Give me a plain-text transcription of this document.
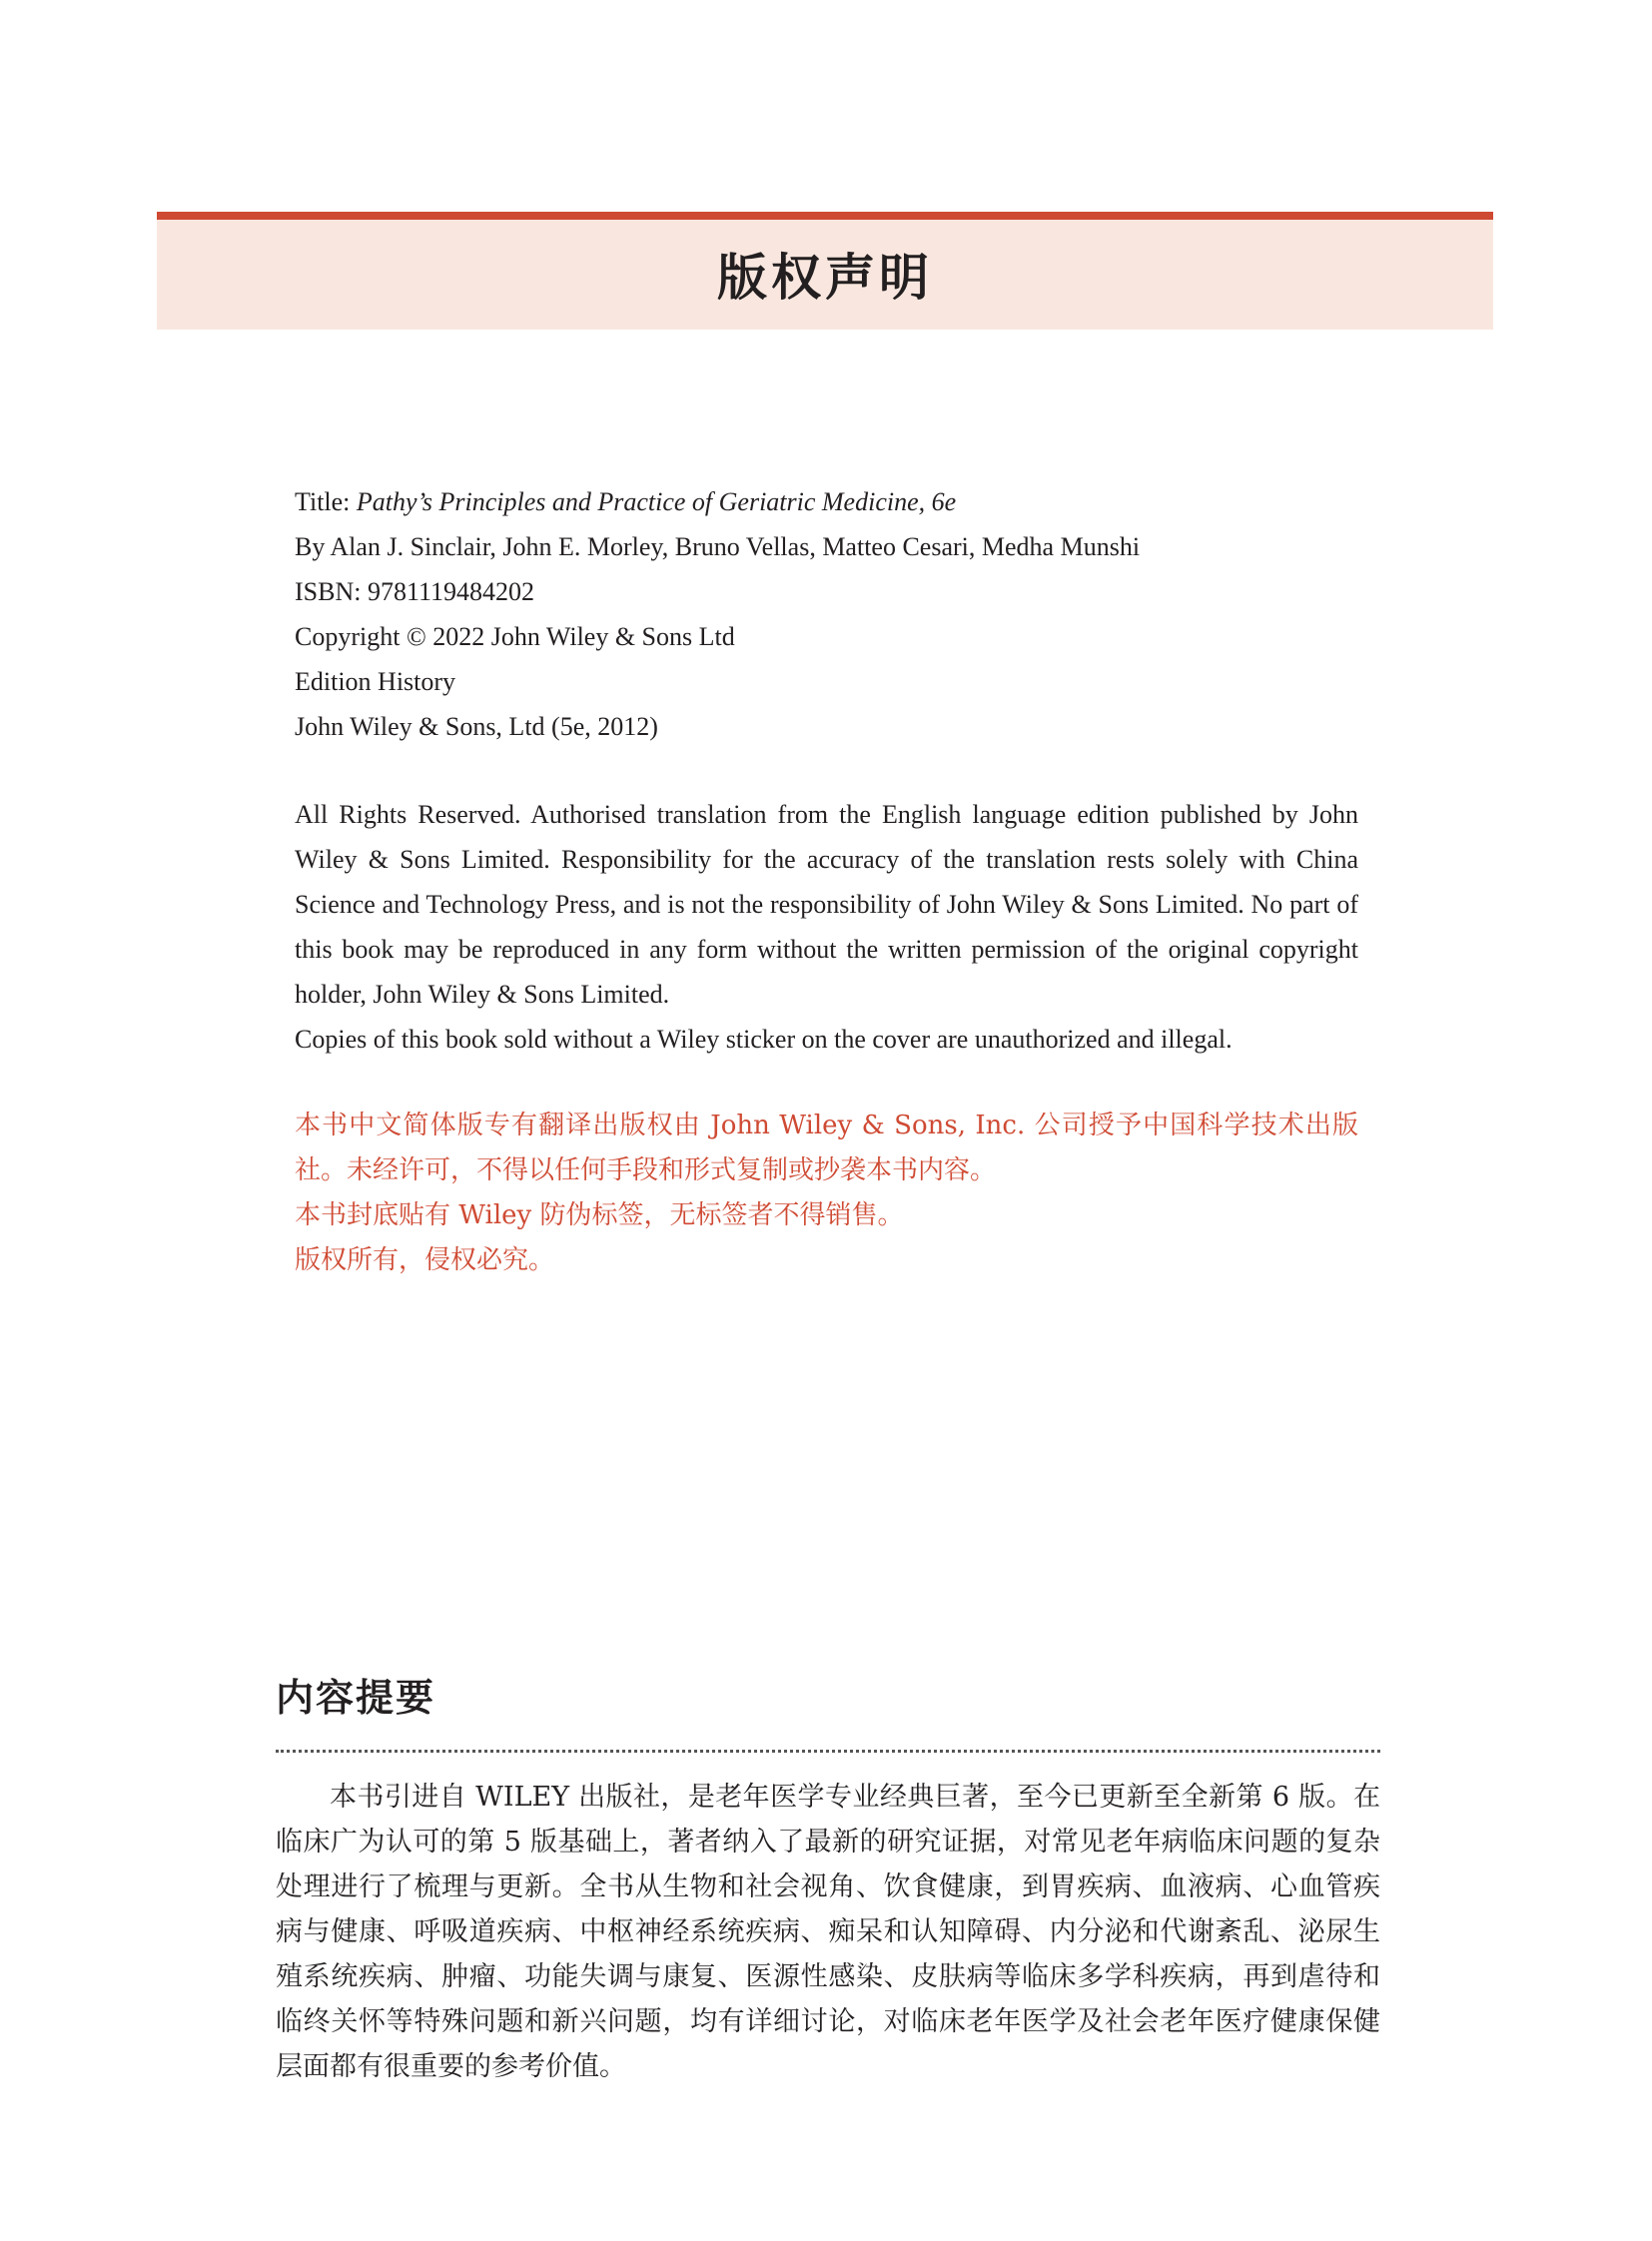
版权声明
Title: Pathy’s Principles and Practice of Geriatric Medicine, 6e
By Alan J. Sinclair, John E. Morley, Bruno Vellas, Matteo Cesari, Medha Munshi
ISBN: 9781119484202
Copyright © 2022 John Wiley & Sons Ltd
Edition History
John Wiley & Sons, Ltd (5e, 2012)

All Rights Reserved. Authorised translation from the English language edition published by John Wiley & Sons Limited. Responsibility for the accuracy of the translation rests solely with China Science and Technology Press, and is not the responsibility of John Wiley & Sons Limited. No part of this book may be reproduced in any form without the written permission of the original copyright holder, John Wiley & Sons Limited.

Copies of this book sold without a Wiley sticker on the cover are unauthorized and illegal.

本书中文简体版专有翻译出版权由 John Wiley & Sons, Inc. 公司授予中国科学技术出版社。未经许可，不得以任何手段和形式复制或抄袭本书内容。

本书封底贴有 Wiley 防伪标签，无标签者不得销售。

版权所有，侵权必究。

内容提要
本书引进自 WILEY 出版社，是老年医学专业经典巨著，至今已更新至全新第 6 版。在临床广为认可的第 5 版基础上，著者纳入了最新的研究证据，对常见老年病临床问题的复杂处理进行了梳理与更新。全书从生物和社会视角、饮食健康，到胃疾病、血液病、心血管疾病与健康、呼吸道疾病、中枢神经系统疾病、痴呆和认知障碍、内分泌和代谢紊乱、泌尿生殖系统疾病、肿瘤、功能失调与康复、医源性感染、皮肤病等临床多学科疾病，再到虐待和临终关怀等特殊问题和新兴问题，均有详细讨论，对临床老年医学及社会老年医疗健康保健层面都有很重要的参考价值。
